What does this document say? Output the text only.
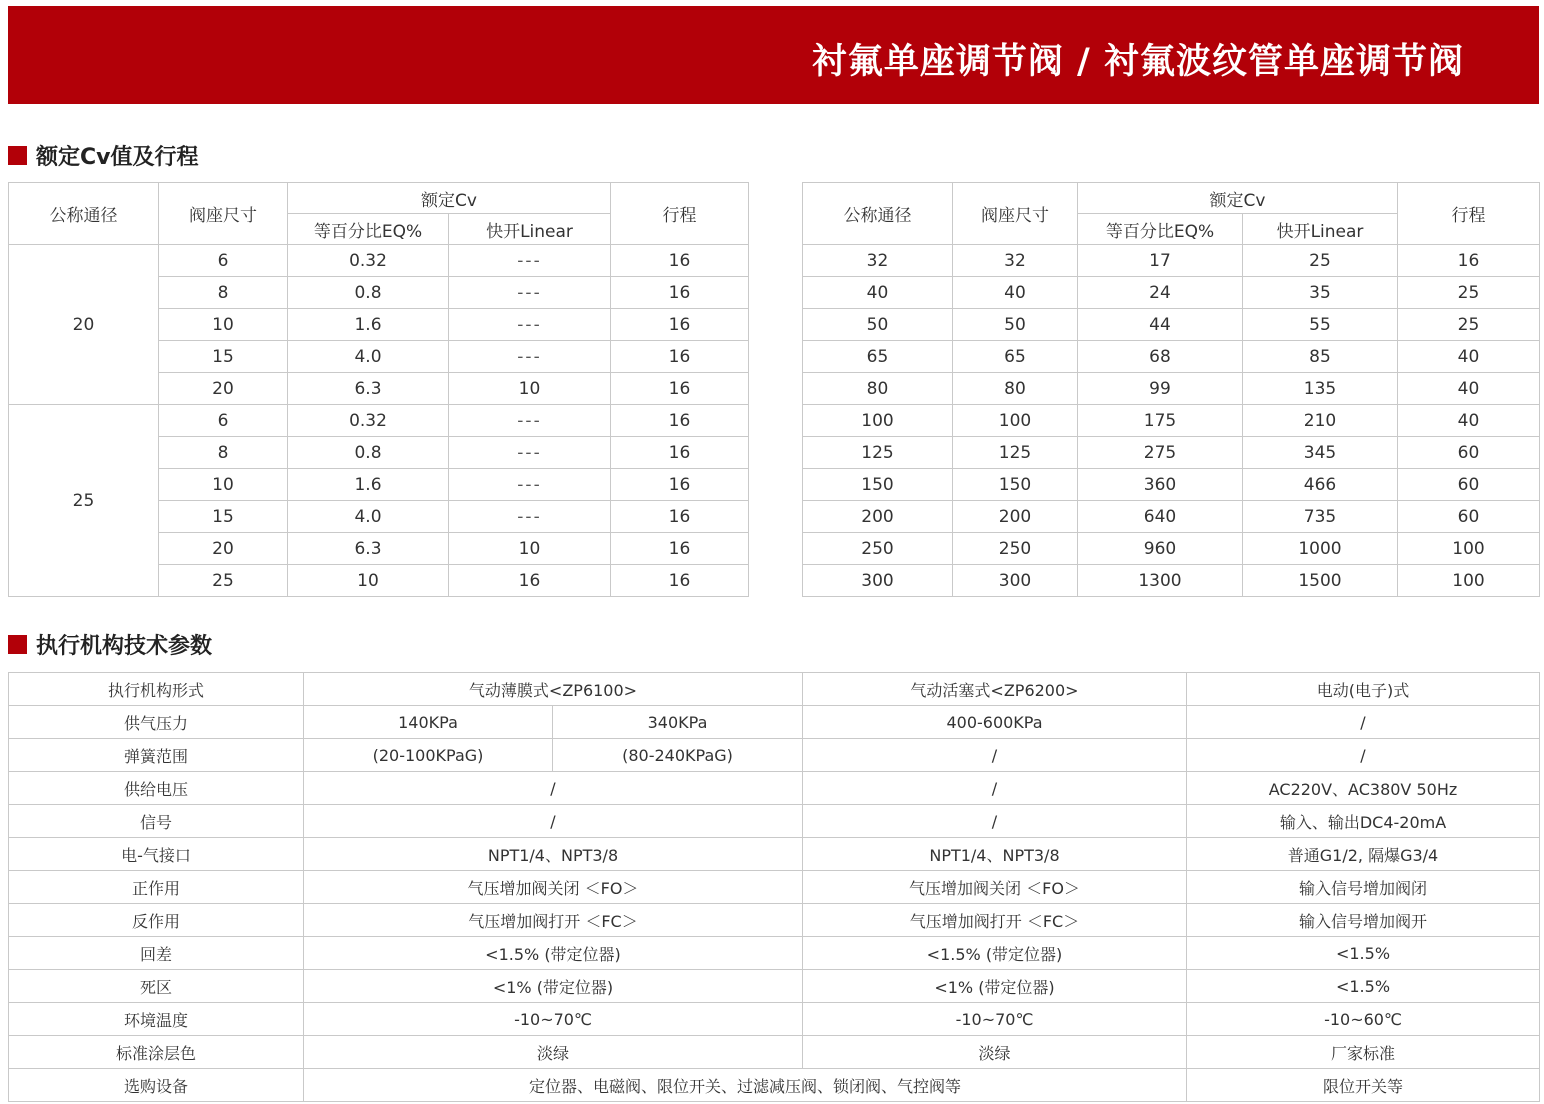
衬氟单座调节阀 / 衬氟波纹管单座调节阀
额定Cv值及行程
公称通径	阀座尺寸	额定Cv		行程
		等百分比EQ%	快开Linear	
20	6	0.32	---	16
	8	0.8	---	16
	10	1.6	---	16
	15	4.0	---	16
	20	6.3	10	16
25	6	0.32	---	16
	8	0.8	---	16
	10	1.6	---	16
	15	4.0	---	16
	20	6.3	10	16
	25	10	16	16
公称通径	阀座尺寸	额定Cv		行程
		等百分比EQ%	快开Linear	
32	32	17	25	16
40	40	24	35	25
50	50	44	55	25
65	65	68	85	40
80	80	99	135	40
100	100	175	210	40
125	125	275	345	60
150	150	360	466	60
200	200	640	735	60
250	250	960	1000	100
300	300	1300	1500	100
执行机构技术参数
执行机构形式	气动薄膜式<ZP6100>		气动活塞式<ZP6200>	电动(电子)式
供气压力	140KPa	340KPa	400-600KPa	/
弹簧范围	(20-100KPaG)	(80-240KPaG)	/	/
供给电压	/		/	AC220V、AC380V 50Hz
信号	/		/	输入、输出DC4-20mA
电-气接口	NPT1/4、NPT3/8		NPT1/4、NPT3/8	普通G1/2, 隔爆G3/4
正作用	气压增加阀关闭 ＜FO＞		气压增加阀关闭 ＜FO＞	输入信号增加阀闭
反作用	气压增加阀打开 ＜FC＞		气压增加阀打开 ＜FC＞	输入信号增加阀开
回差	<1.5% (带定位器)		<1.5% (带定位器)	<1.5%
死区	<1% (带定位器)		<1% (带定位器)	<1.5%
环境温度	-10~70℃		-10~70℃	-10~60℃
标准涂层色	淡绿		淡绿	厂家标准
选购设备	定位器、电磁阀、限位开关、过滤减压阀、锁闭阀、气控阀等			限位开关等
